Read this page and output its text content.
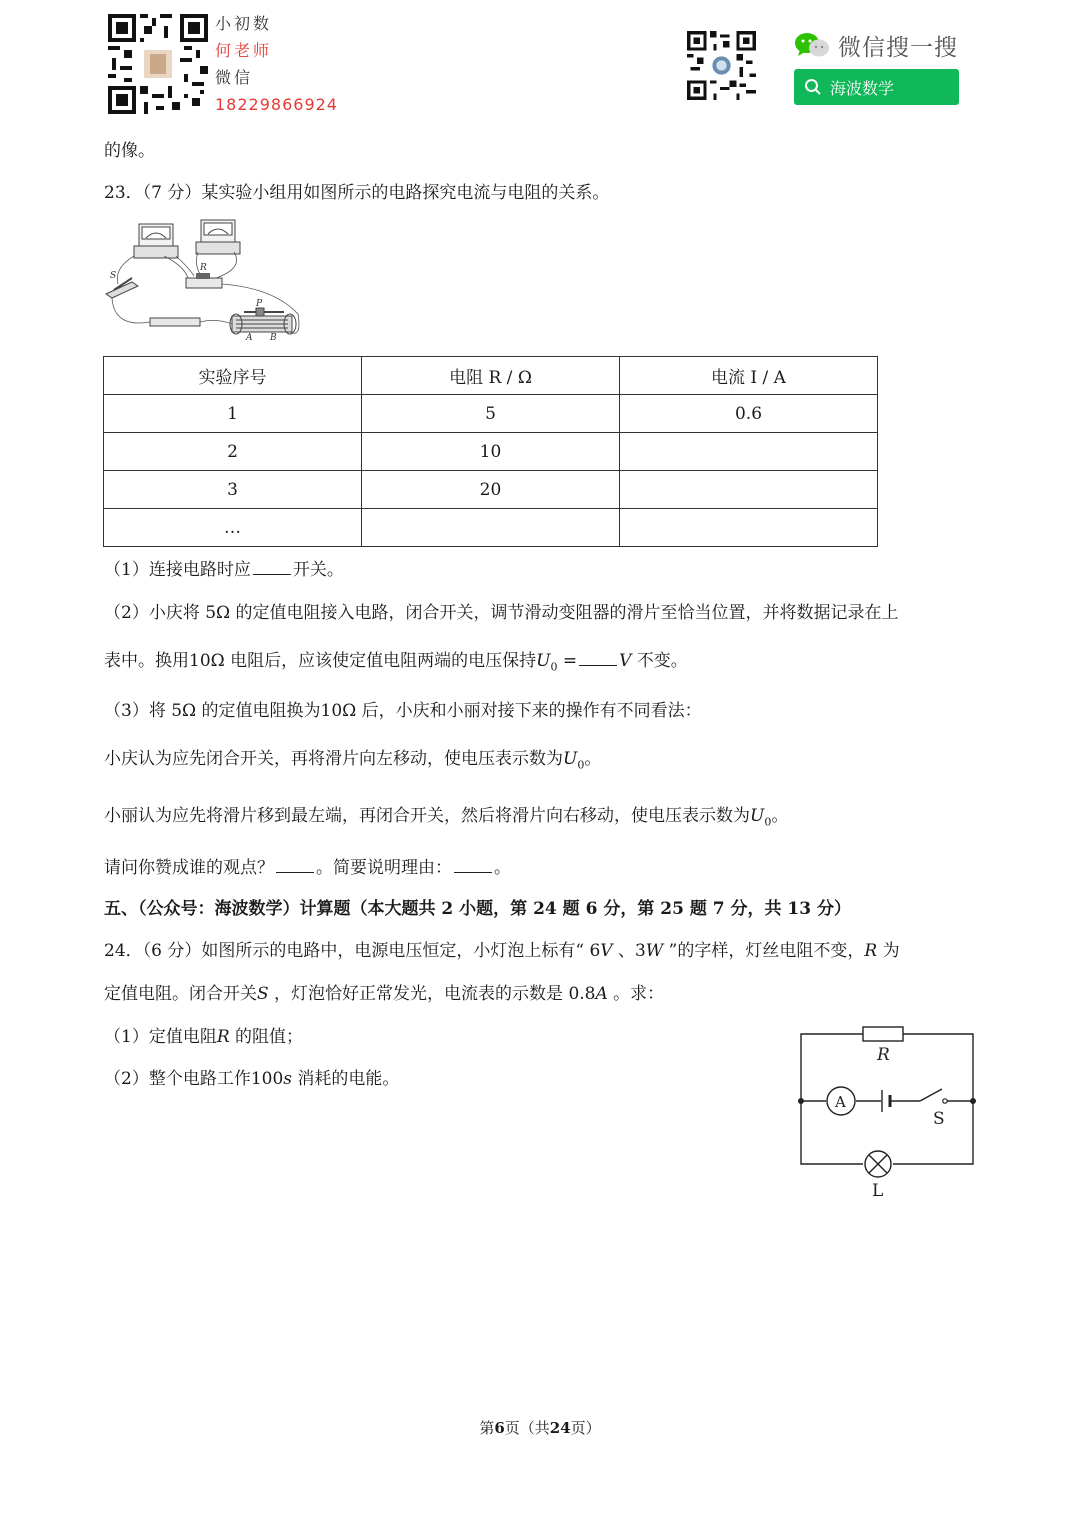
小初数
何老师
微信
18229866924
微信搜一搜
海波数学
的像。
23．（7 分）某实验小组用如图所示的电路探究电流与电阻的关系。
S
R
P
A B
实验序号	电阻 R / Ω	电流 I / A
1	5	0.6
2	10	
3	20	
…		
（1）连接电路时应 开关。
（2）小庆将 5Ω 的定值电阻接入电路，闭合开关，调节滑动变阻器的滑片至恰当位置，并将数据记录在上
表中。换用10Ω 电阻后，应该使定值电阻两端的电压保持$U_0 = V$ 不变。
（3）将 5Ω 的定值电阻换为10Ω 后，小庆和小丽对接下来的操作有不同看法：
小庆认为应先闭合开关，再将滑片向左移动，使电压表示数为$U_0$。
小丽认为应先将滑片移到最左端，再闭合开关，然后将滑片向右移动，使电压表示数为$U_0$。
请问你赞成谁的观点？ 。简要说明理由： 。
五、（公众号：海波数学）计算题（本大题共 2 小题，第 24 题 6 分，第 25 题 7 分，共 13 分）
24．（6 分）如图所示的电路中，电源电压恒定，小灯泡上标有“ 6V 、3W ”的字样，灯丝电阻不变，R 为
定值电阻。闭合开关S ，灯泡恰好正常发光，电流表的示数是 0.8A 。求：
（1）定值电阻R 的阻值；
（2）整个电路工作100s 消耗的电能。
R
A
S
L
第6页（共24页）
